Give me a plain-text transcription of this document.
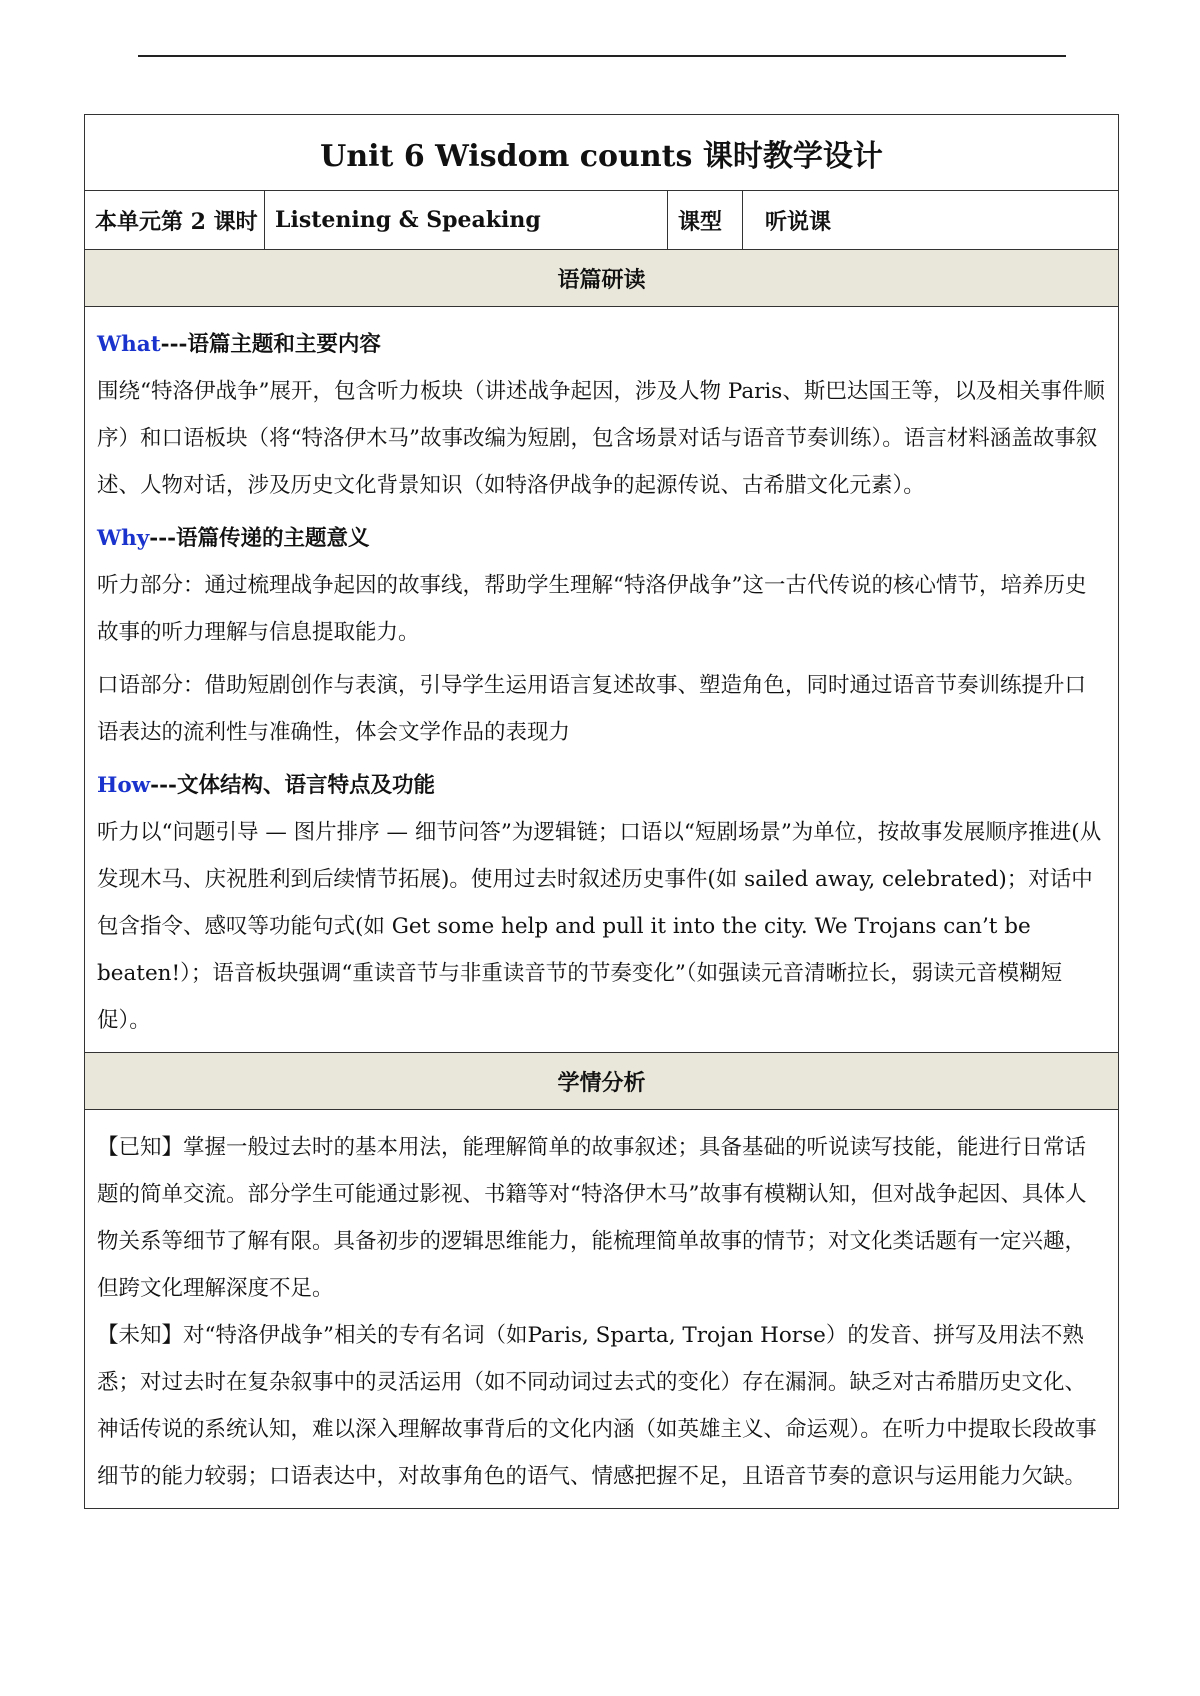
Unit 6 Wisdom counts 课时教学设计
本单元第 2 课时	Listening & Speaking	课型	听说课
语篇研读

What---语篇主题和主要内容

围绕“特洛伊战争”展开，包含听力板块（讲述战争起因，涉及人物 Paris、斯巴达国王等，以及相关事件顺序）和口语板块（将“特洛伊木马”故事改编为短剧，包含场景对话与语音节奏训练）。语言材料涵盖故事叙述、人物对话，涉及历史文化背景知识（如特洛伊战争的起源传说、古希腊文化元素）。

Why---语篇传递的主题意义

听力部分：通过梳理战争起因的故事线，帮助学生理解“特洛伊战争”这一古代传说的核心情节，培养历史故事的听力理解与信息提取能力。

口语部分：借助短剧创作与表演，引导学生运用语言复述故事、塑造角色，同时通过语音节奏训练提升口语表达的流利性与准确性，体会文学作品的表现力

How---文体结构、语言特点及功能

听力以“问题引导 — 图片排序 — 细节问答”为逻辑链；口语以“短剧场景”为单位，按故事发展顺序推进(从发现木马、庆祝胜利到后续情节拓展)。使用过去时叙述历史事件(如 sailed away, celebrated)；对话中包含指令、感叹等功能句式(如 Get some help and pull it into the city. We Trojans can’t be beaten!）；语音板块强调“重读音节与非重读音节的节奏变化”（如强读元音清晰拉长，弱读元音模糊短促）。

学情分析

【已知】掌握一般过去时的基本用法，能理解简单的故事叙述；具备基础的听说读写技能，能进行日常话题的简单交流。部分学生可能通过影视、书籍等对“特洛伊木马”故事有模糊认知，但对战争起因、具体人物关系等细节了解有限。具备初步的逻辑思维能力，能梳理简单故事的情节；对文化类话题有一定兴趣，但跨文化理解深度不足。

【未知】对“特洛伊战争”相关的专有名词（如Paris, Sparta, Trojan Horse）的发音、拼写及用法不熟悉；对过去时在复杂叙事中的灵活运用（如不同动词过去式的变化）存在漏洞。缺乏对古希腊历史文化、神话传说的系统认知，难以深入理解故事背后的文化内涵（如英雄主义、命运观）。在听力中提取长段故事细节的能力较弱；口语表达中，对故事角色的语气、情感把握不足，且语音节奏的意识与运用能力欠缺。
